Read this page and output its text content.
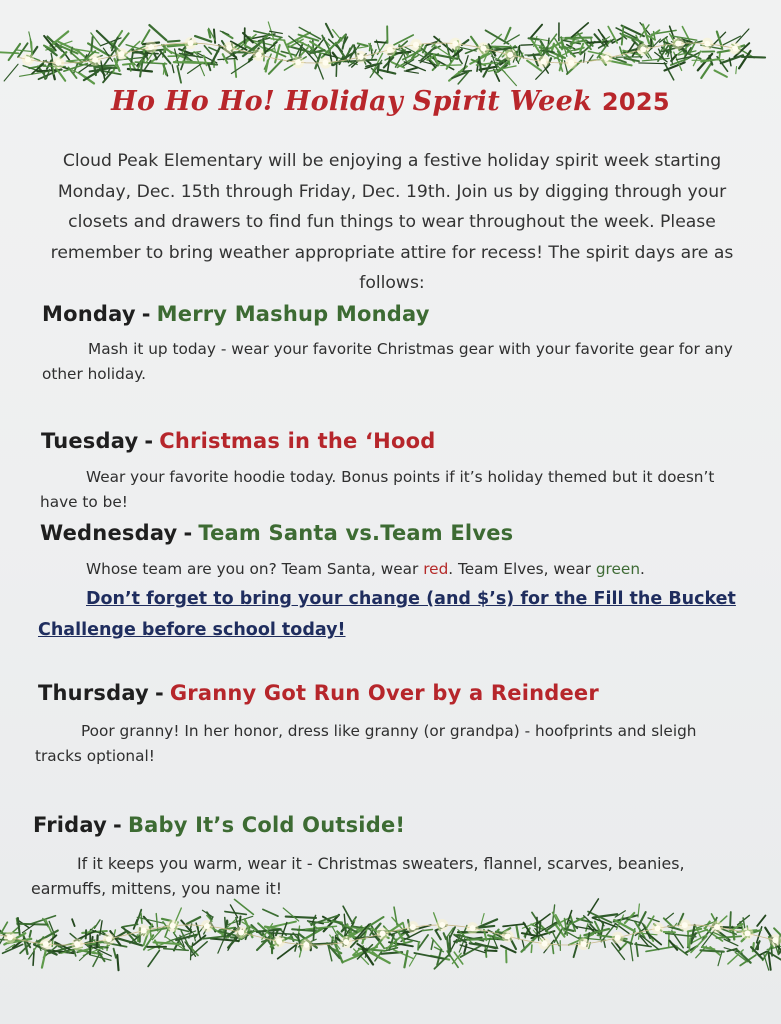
Ho Ho Ho! Holiday Spirit Week 2025
Cloud Peak Elementary will be enjoying a festive holiday spirit week starting Monday, Dec. 15th through Friday, Dec. 19th. Join us by digging through your closets and drawers to find fun things to wear throughout the week. Please remember to bring weather appropriate attire for recess! The spirit days are as follows:
Monday - Merry Mashup Monday
Mash it up today - wear your favorite Christmas gear with your favorite gear for any other holiday.
Tuesday - Christmas in the ‘Hood
Wear your favorite hoodie today. Bonus points if it’s holiday themed but it doesn’t have to be!
Wednesday - Team Santa vs.Team Elves
Whose team are you on? Team Santa, wear red. Team Elves, wear green.
Don’t forget to bring your change (and $’s) for the Fill the Bucket Challenge before school today!
Thursday - Granny Got Run Over by a Reindeer
Poor granny! In her honor, dress like granny (or grandpa) - hoofprints and sleigh tracks optional!
Friday - Baby It’s Cold Outside!
If it keeps you warm, wear it - Christmas sweaters, flannel, scarves, beanies, earmuffs, mittens, you name it!
